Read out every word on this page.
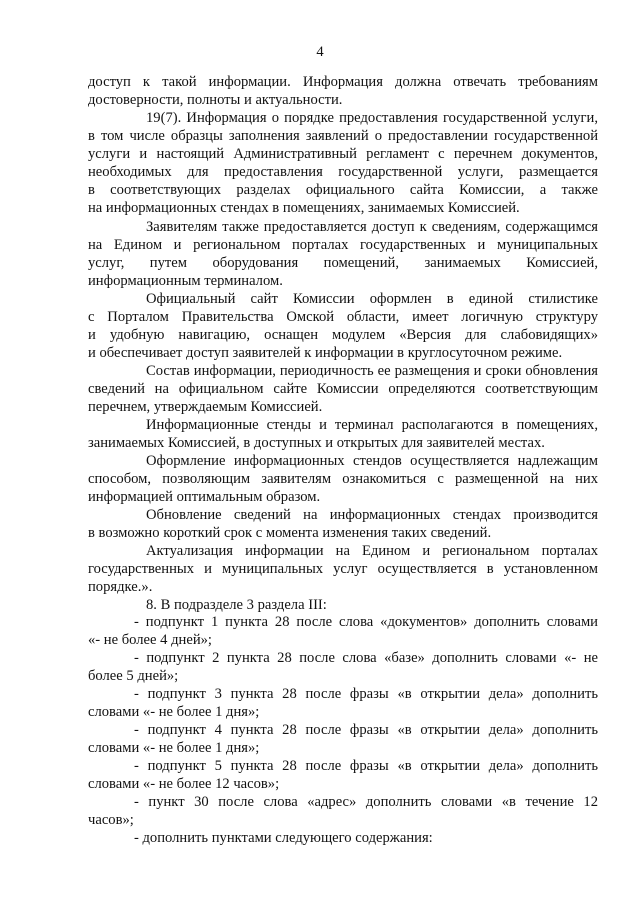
4
доступ к такой информации. Информация должна отвечать требованиям
достоверности, полноты и актуальности.
19(7). Информация о порядке предоставления государственной услуги,
в том числе образцы заполнения заявлений о предоставлении государственной
услуги и настоящий Административный регламент с перечнем документов,
необходимых для предоставления государственной услуги, размещается
в соответствующих разделах официального сайта Комиссии, а также
на информационных стендах в помещениях, занимаемых Комиссией.
Заявителям также предоставляется доступ к сведениям, содержащимся
на Едином и региональном порталах государственных и муниципальных
услуг, путем оборудования помещений, занимаемых Комиссией,
информационным терминалом.
Официальный сайт Комиссии оформлен в единой стилистике
с Порталом Правительства Омской области, имеет логичную структуру
и удобную навигацию, оснащен модулем «Версия для слабовидящих»
и обеспечивает доступ заявителей к информации в круглосуточном режиме.
Состав информации, периодичность ее размещения и сроки обновления
сведений на официальном сайте Комиссии определяются соответствующим
перечнем, утверждаемым Комиссией.
Информационные стенды и терминал располагаются в помещениях,
занимаемых Комиссией, в доступных и открытых для заявителей местах.
Оформление информационных стендов осуществляется надлежащим
способом, позволяющим заявителям ознакомиться с размещенной на них
информацией оптимальным образом.
Обновление сведений на информационных стендах производится
в возможно короткий срок с момента изменения таких сведений.
Актуализация информации на Едином и региональном порталах
государственных и муниципальных услуг осуществляется в установленном
порядке.».
8. В подразделе 3 раздела III:
- подпункт 1 пункта 28 после слова «документов» дополнить словами
«- не более 4 дней»;
- подпункт 2 пункта 28 после слова «базе» дополнить словами «- не
более 5 дней»;
- подпункт 3 пункта 28 после фразы «в открытии дела» дополнить
словами «- не более 1 дня»;
- подпункт 4 пункта 28 после фразы «в открытии дела» дополнить
словами «- не более 1 дня»;
- подпункт 5 пункта 28 после фразы «в открытии дела» дополнить
словами «- не более 12 часов»;
- пункт 30 после слова «адрес» дополнить словами «в течение 12
часов»;
- дополнить пунктами следующего содержания:
